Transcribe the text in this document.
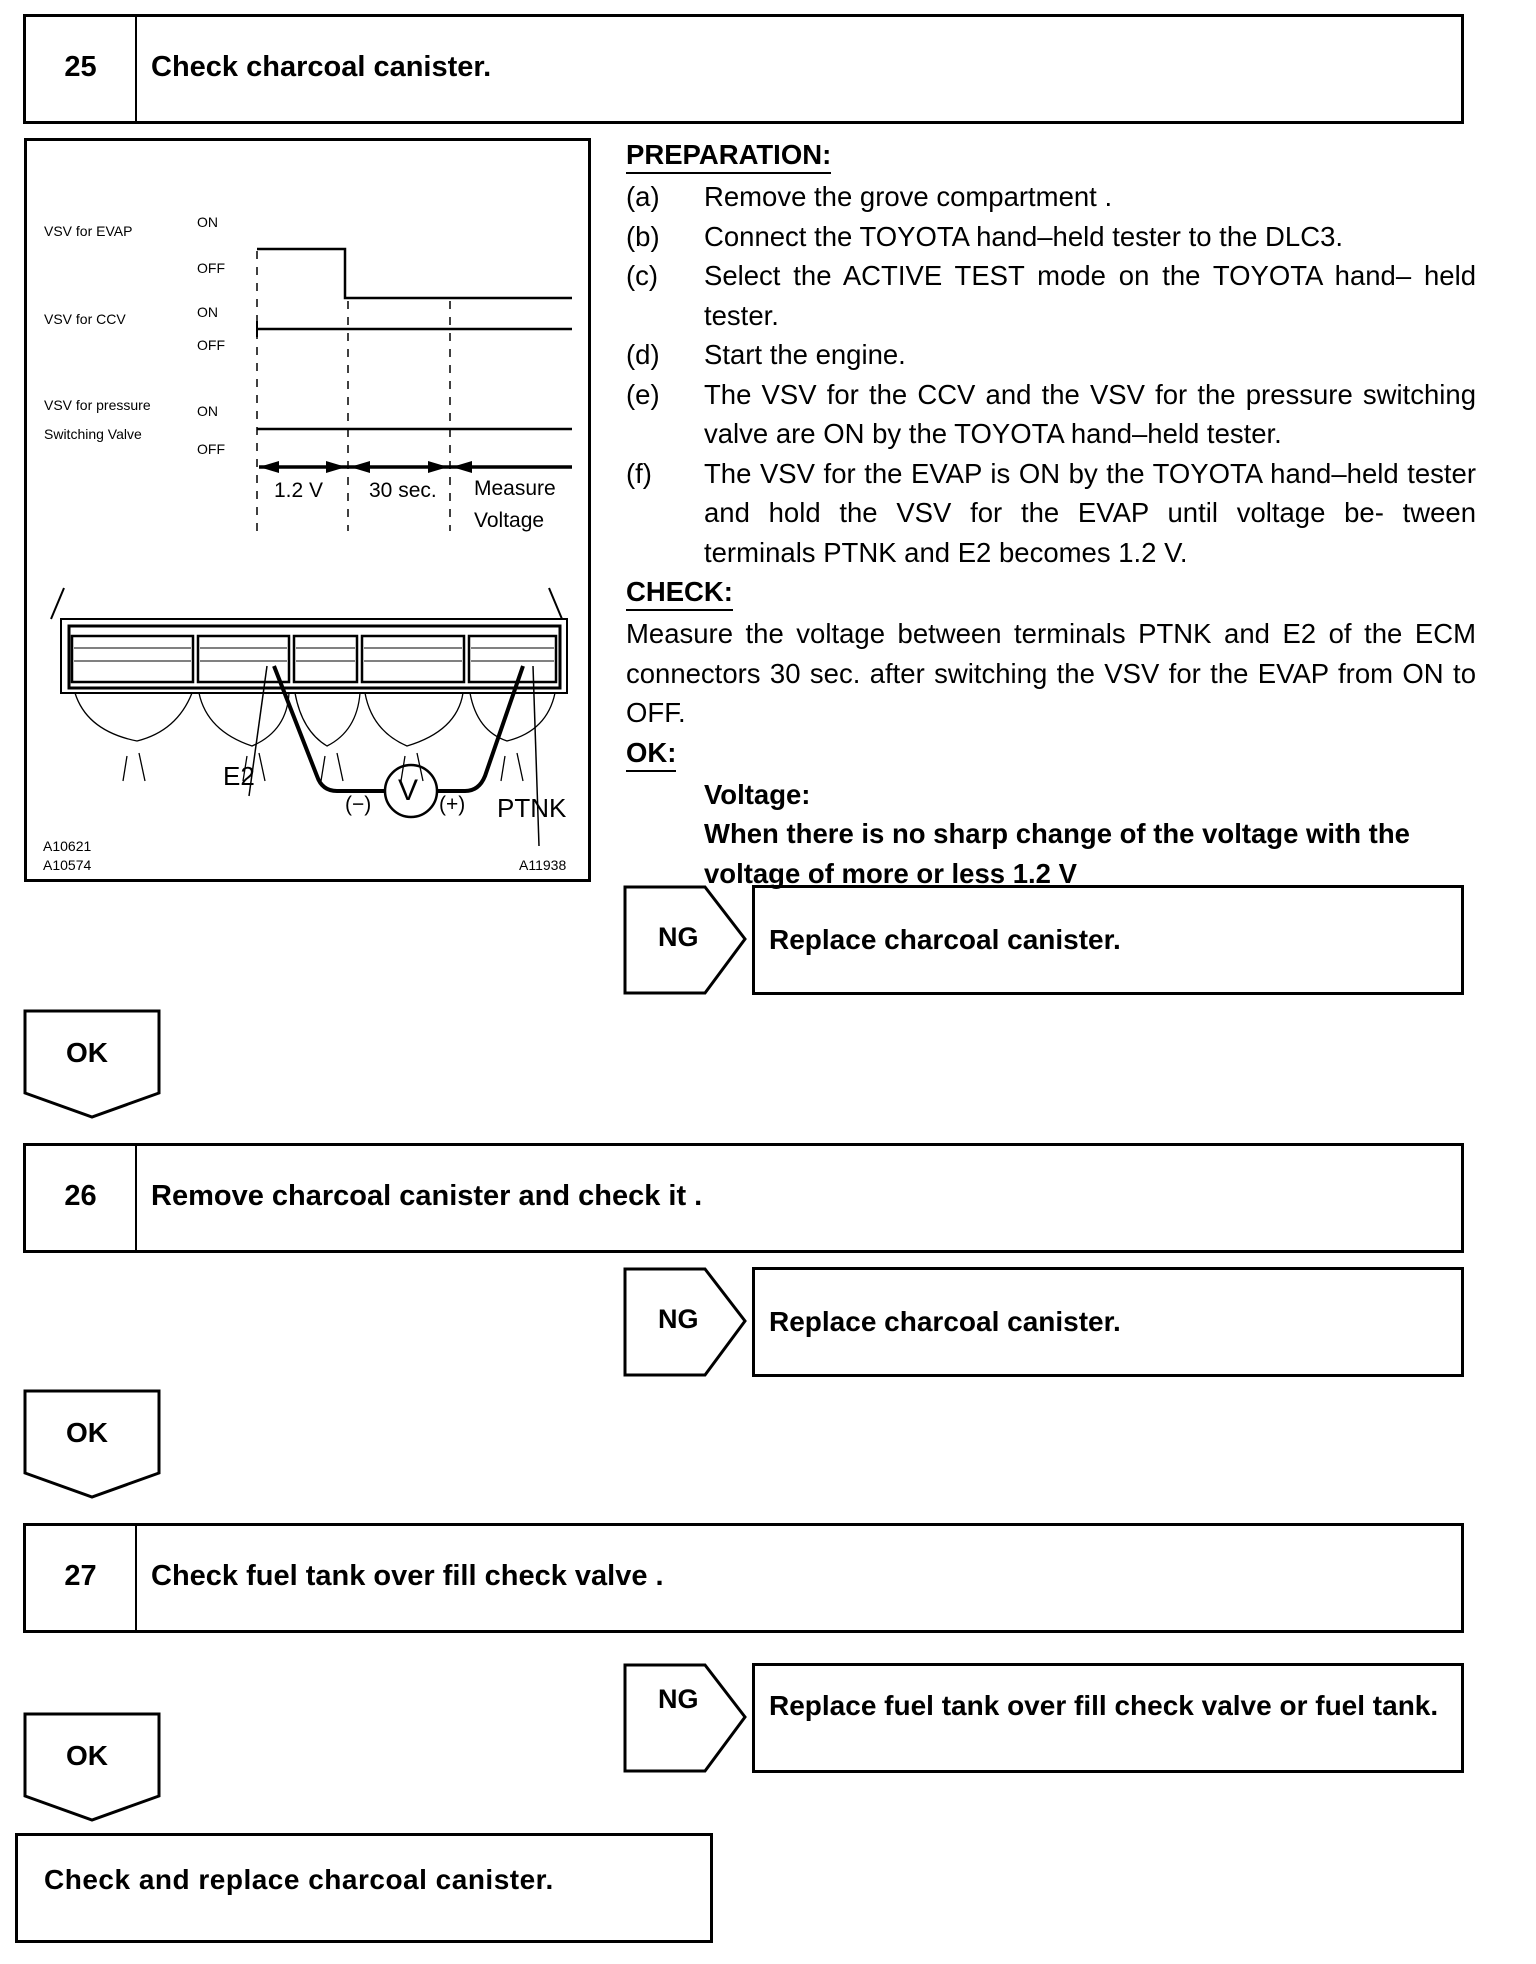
25	Check charcoal canister.
VSV for EVAP
ON
OFF
VSV for CCV	ON
OFF
VSV for pressure
Switching Valve
ON
OFF
1.2 V 30 sec. Measure
Voltage
E2
PTNK
V
(−)	(+)
A10621
A10574	A11938
PREPARATION:
(a)	Remove the grove compartment .
(b)	Connect the TOYOTA hand–held tester to the DLC3.
(c)	Select the ACTIVE TEST mode on the TOYOTA hand– held tester.
(d)	Start the engine.
(e)	The VSV for the CCV and the VSV for the pressure switching valve are ON by the TOYOTA hand–held tester.
(f)	The VSV for the EVAP is ON by the TOYOTA hand–held tester and hold the VSV for the EVAP until voltage be- tween terminals PTNK and E2 becomes 1.2 V.
CHECK:
Measure the voltage between terminals PTNK and E2 of the ECM connectors 30 sec. after switching the VSV for the EVAP from ON to OFF.
OK:
Voltage:
When there is no sharp change of the voltage with the voltage of more or less 1.2 V
NG	Replace charcoal canister.
OK
26	Remove charcoal canister and check it .
NG	Replace charcoal canister.
OK
27	Check fuel tank over fill check valve .
NG	Replace fuel tank over fill check valve or fuel tank.
OK
Check and replace charcoal canister.
